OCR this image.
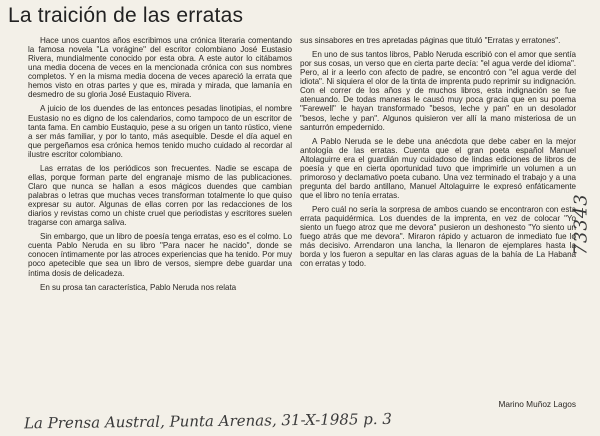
La traición de las erratas

Hace unos cuantos años escribimos una crónica literaria comentando la famosa novela "La vorágine" del escritor colombiano José Eustasio Rivera, mundialmente conocido por esta obra. A este autor lo citábamos una media docena de veces en la mencionada crónica con sus nombres completos. Y en la misma media docena de veces apareció la errata que hemos visto en otras partes y que es, mirada y mirada, que lamanía en desmedro de su gloria José Eustaquio Rivera.

A juicio de los duendes de las entonces pesadas linotipias, el nombre Eustasio no es digno de los calendarios, como tampoco de un escritor de tanta fama. En cambio Eustaquio, pese a su origen un tanto rústico, viene a ser más familiar, y por lo tanto, más asequible. Desde el día aquel en que pergeñamos esa crónica hemos tenido mucho cuidado al recordar al ilustre escritor colombiano.

Las erratas de los periódicos son frecuentes. Nadie se escapa de ellas, porque forman parte del engranaje mismo de las publicaciones. Claro que nunca se hallan a esos mágicos duendes que cambian palabras o letras que muchas veces transforman totalmente lo que quiso expresar su autor. Algunas de ellas corren por las redacciones de los diarios y revistas como un chiste cruel que periodistas y escritores suelen tragarse con amarga saliva.

Sin embargo, que un libro de poesía tenga erratas, eso es el colmo. Lo cuenta Pablo Neruda en su libro "Para nacer he nacido", donde se conocen íntimamente por las atroces experiencias que ha tenido. Por muy poco apetecible que sea un libro de versos, siempre debe guardar una íntima dosis de delicadeza.

En su prosa tan característica, Pablo Neruda nos relata

sus sinsabores en tres apretadas páginas que tituló "Erratas y erratones".

En uno de sus tantos libros, Pablo Neruda escribió con el amor que sentía por sus cosas, un verso que en cierta parte decía: "el agua verde del idioma". Pero, al ir a leerlo con afecto de padre, se encontró con "el agua verde del idiota". Ni siquiera el olor de la tinta de imprenta pudo reprimir su indignación. Con el correr de los años y de muchos libros, esta indignación se fue atenuando. De todas maneras le causó muy poca gracia que en su poema "Farewell" le hayan transformado "besos, leche y pan" en un desolador "besos, leche y pan". Algunos quisieron ver allí la mano misteriosa de un santurrón empedernido.

A Pablo Neruda se le debe una anécdota que debe caber en la mejor antología de las erratas. Cuenta que el gran poeta español Manuel Altolaguirre era el guardián muy cuidadoso de lindas ediciones de libros de poesía y que en cierta oportunidad tuvo que imprimirle un volumen a un primoroso y declamativo poeta cubano. Una vez terminado el trabajo y a una pregunta del bardo antillano, Manuel Altolaguirre le expresó enfáticamente que el libro no tenía erratas.

Pero cuál no sería la sorpresa de ambos cuando se encontraron con esta errata paquidérmica. Los duendes de la imprenta, en vez de colocar "Yo siento un fuego atroz que me devora" pusieron un deshonesto "Yo siento un fuego atrás que me devora". Miraron rápido y actuaron de inmediato fue lo más decisivo. Arrendaron una lancha, la llenaron de ejemplares hasta la borda y los fueron a sepultar en las claras aguas de la bahía de La Habana con erratas y todo.

Marino Muñoz Lagos
73343
La Prensa Austral, Punta Arenas, 31-X-1985 p. 3
